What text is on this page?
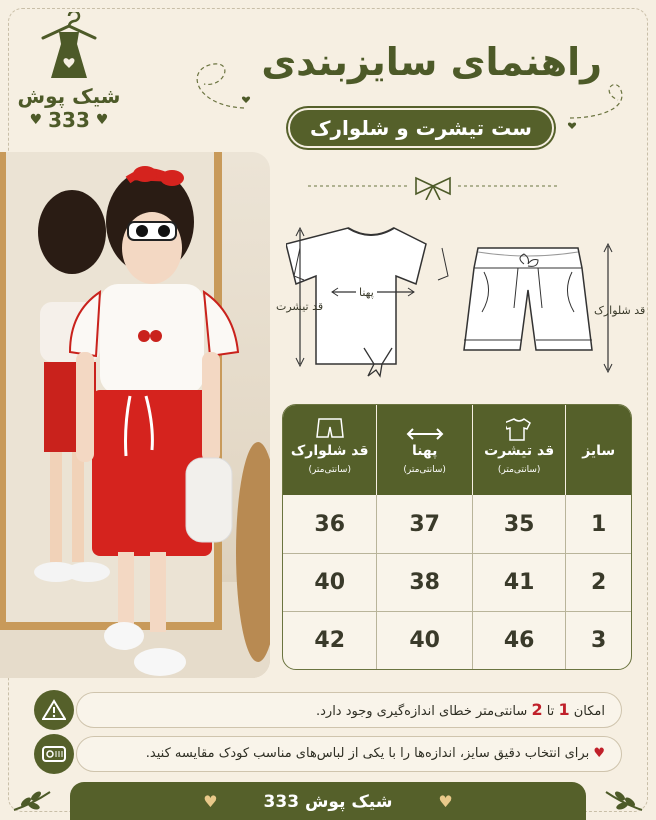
شیک پوش
♥ 333 ♥
راهنمای سایزبندی
ست تیشرت و شلوارک
قد تیشرت
پهنا
قد شلوارک
سایز
قد تیشرت
(سانتی‌متر)
پهنا
(سانتی‌متر)
قد شلوارک
(سانتی‌متر)
1
35
37
36
2
41
38
40
3
46
40
42
امکان 1 تا 2 سانتی‌متر خطای اندازه‌گیری وجود دارد.
♥ برای انتخاب دقیق سایز، اندازه‌ها را با یکی از لباس‌های مناسب کودک مقایسه کنید.
♥ شیک پوش 333 ♥
